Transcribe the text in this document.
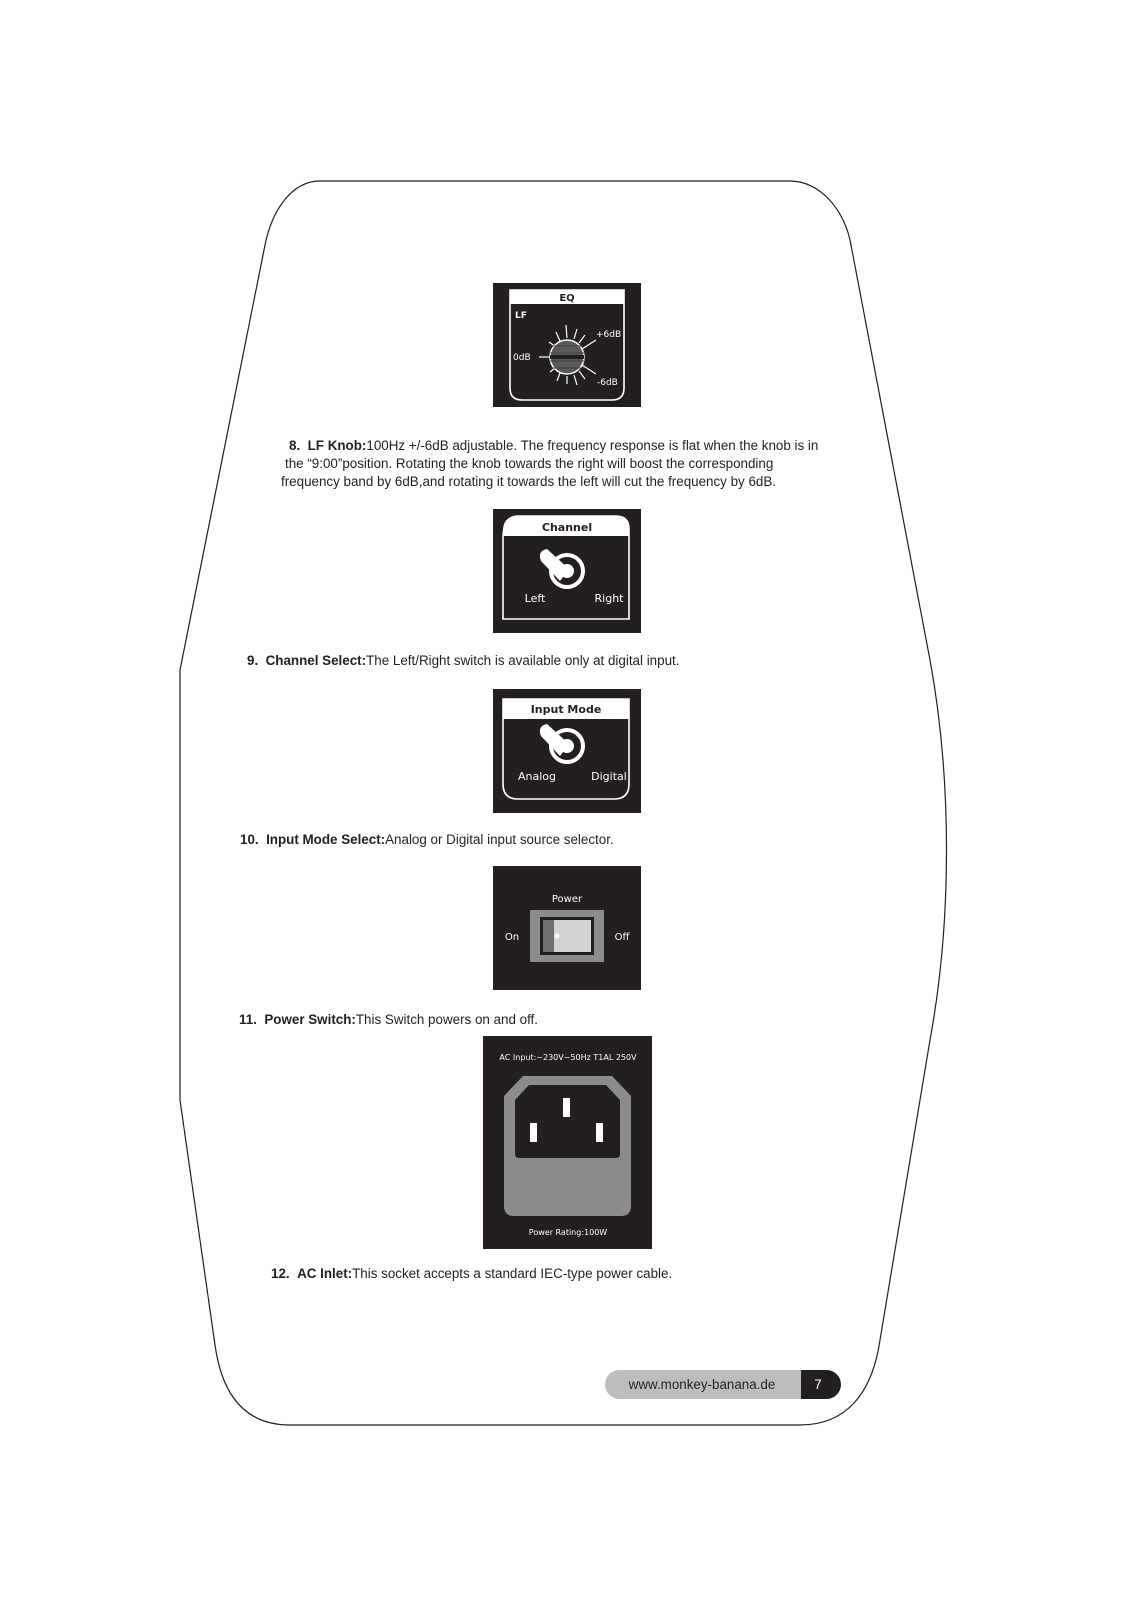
EQ
LF
+6dB
0dB
-6dB

8. LF Knob:100Hz +/-6dB adjustable. The frequency response is flat when the knob is in

the “9:00”position. Rotating the knob towards the right will boost the corresponding

frequency band by 6dB,and rotating it towards the left will cut the frequency by 6dB.

Channel
Left	Right

9. Channel Select:The Left/Right switch is available only at digital input.

Input Mode
Analog	Digital

10. Input Mode Select:Analog or Digital input source selector.

Power
On	Off

11. Power Switch:This Switch powers on and off.

AC Input:~230V~50Hz T1AL 250V
Power Rating:100W

12. AC Inlet:This socket accepts a standard IEC-type power cable.

www.monkey-banana.de	7
